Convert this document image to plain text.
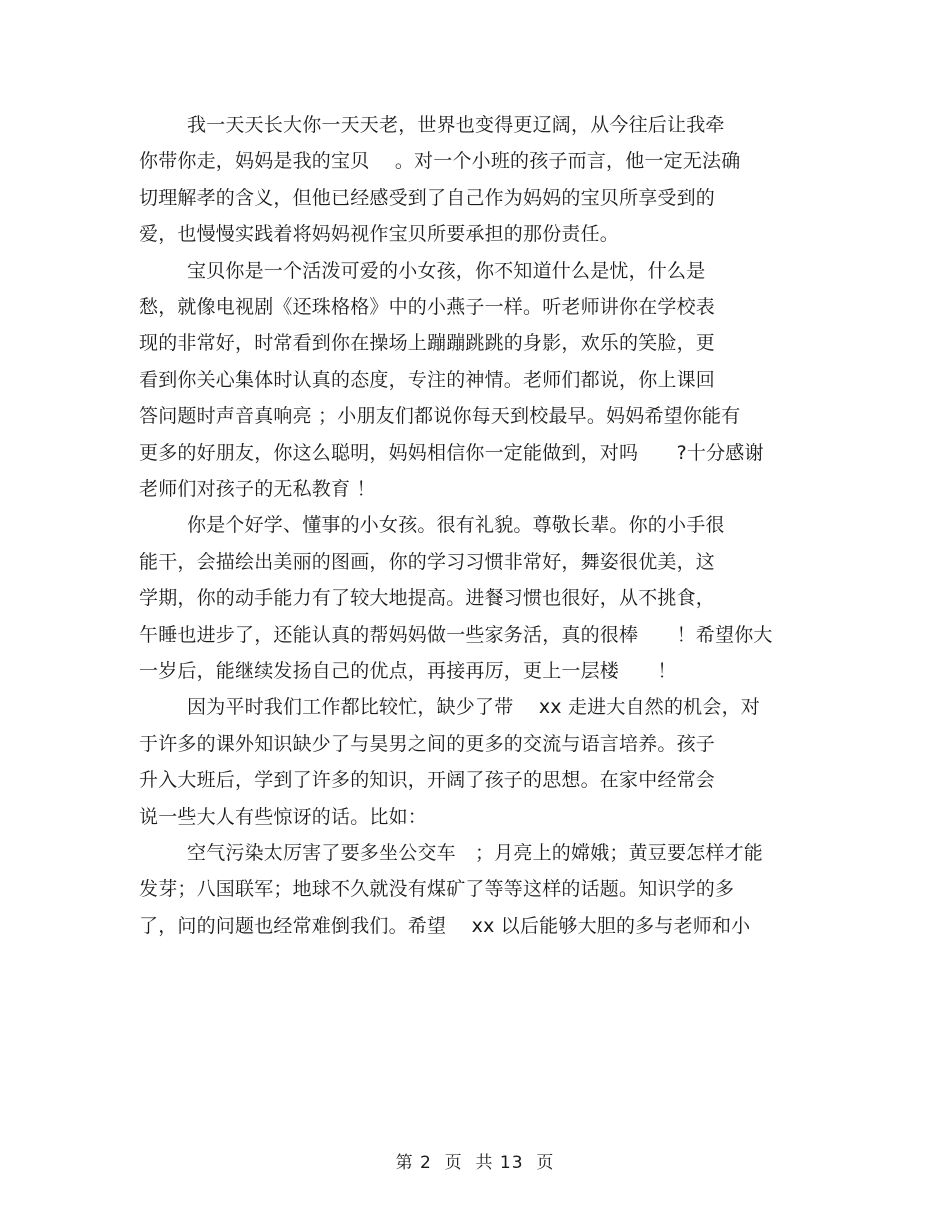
我一天天长大你一天天老，世界也变得更辽阔，从今往后让我牵
你带你走，妈妈是我的宝贝　 。对一个小班的孩子而言，他一定无法确
切理解孝的含义，但他已经感受到了自己作为妈妈的宝贝所享受到的
爱，也慢慢实践着将妈妈视作宝贝所要承担的那份责任。
宝贝你是一个活泼可爱的小女孩，你不知道什么是忧，什么是
愁，就像电视剧《还珠格格》中的小燕子一样。听老师讲你在学校表
现的非常好，时常看到你在操场上蹦蹦跳跳的身影，欢乐的笑脸，更
看到你关心集体时认真的态度，专注的神情。老师们都说，你上课回
答问题时声音真响亮 ；小朋友们都说你每天到校最早。妈妈希望你能有
更多的好朋友，你这么聪明，妈妈相信你一定能做到，对吗　　?十分感谢
老师们对孩子的无私教育 ！
你是个好学、懂事的小女孩。很有礼貌。尊敬长辈。你的小手很
能干，会描绘出美丽的图画，你的学习习惯非常好，舞姿很优美，这
学期，你的动手能力有了较大地提高。进餐习惯也很好，从不挑食，
午睡也进步了，还能认真的帮妈妈做一些家务活，真的很棒　　！希望你大
一岁后，能继续发扬自己的优点，再接再厉，更上一层楼　　！
因为平时我们工作都比较忙，缺少了带　 xx 走进大自然的机会，对
于许多的课外知识缺少了与昊男之间的更多的交流与语言培养。孩子
升入大班后，学到了许多的知识，开阔了孩子的思想。在家中经常会
说一些大人有些惊讶的话。比如：
空气污染太厉害了要多坐公交车　；月亮上的嫦娥；黄豆要怎样才能
发芽；八国联军；地球不久就没有煤矿了等等这样的话题。知识学的多
了，问的问题也经常难倒我们。希望　 xx 以后能够大胆的多与老师和小
第 2  页  共 13  页
